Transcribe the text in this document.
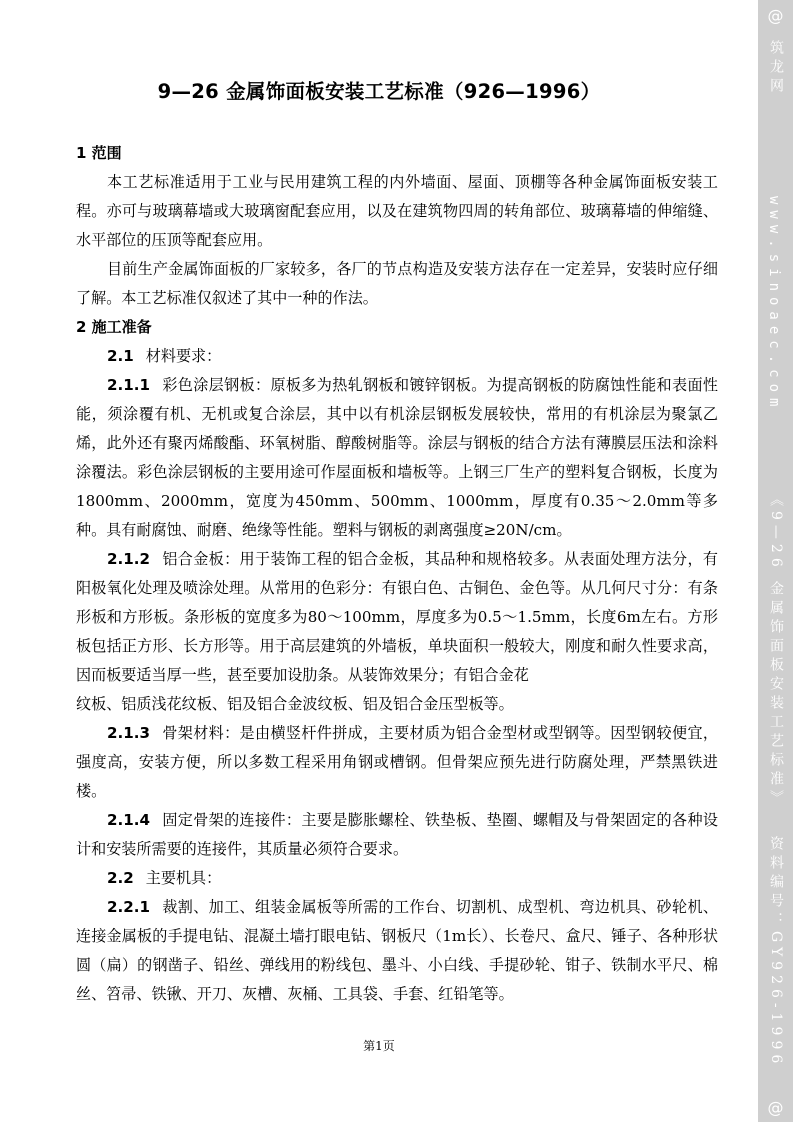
9—26 金属饰面板安装工艺标准（926—1996）

1 范围

本工艺标准适用于工业与民用建筑工程的内外墙面、屋面、顶棚等各种金属饰面板安装工程。亦可与玻璃幕墙或大玻璃窗配套应用，以及在建筑物四周的转角部位、玻璃幕墙的伸缩缝、水平部位的压顶等配套应用。

目前生产金属饰面板的厂家较多，各厂的节点构造及安装方法存在一定差异，安装时应仔细了解。本工艺标准仅叙述了其中一种的作法。

2 施工准备

2.1 材料要求：

2.1.1 彩色涂层钢板：原板多为热轧钢板和镀锌钢板。为提高钢板的防腐蚀性能和表面性能，须涂覆有机、无机或复合涂层，其中以有机涂层钢板发展较快，常用的有机涂层为聚氯乙烯，此外还有聚丙烯酸酯、环氧树脂、醇酸树脂等。涂层与钢板的结合方法有薄膜层压法和涂料涂覆法。彩色涂层钢板的主要用途可作屋面板和墙板等。上钢三厂生产的塑料复合钢板，长度为1800mm、2000mm，宽度为450mm、500mm、1000mm，厚度有0.35～2.0mm等多种。具有耐腐蚀、耐磨、绝缘等性能。塑料与钢板的剥离强度≥20N/cm。

2.1.2 铝合金板：用于装饰工程的铝合金板，其品种和规格较多。从表面处理方法分，有阳极氧化处理及喷涂处理。从常用的色彩分：有银白色、古铜色、金色等。从几何尺寸分：有条形板和方形板。条形板的宽度多为80～100mm，厚度多为0.5～1.5mm，长度6m左右。方形板包括正方形、长方形等。用于高层建筑的外墙板，单块面积一般较大，刚度和耐久性要求高，因而板要适当厚一些，甚至要加设肋条。从装饰效果分；有铝合金花

纹板、铝质浅花纹板、铝及铝合金波纹板、铝及铝合金压型板等。

2.1.3 骨架材料：是由横竖杆件拼成，主要材质为铝合金型材或型钢等。因型钢较便宜，强度高，安装方便，所以多数工程采用角钢或槽钢。但骨架应预先进行防腐处理，严禁黑铁进楼。

2.1.4 固定骨架的连接件：主要是膨胀螺栓、铁垫板、垫圈、螺帽及与骨架固定的各种设计和安装所需要的连接件，其质量必须符合要求。

2.2 主要机具：

2.2.1 裁割、加工、组装金属板等所需的工作台、切割机、成型机、弯边机具、砂轮机、连接金属板的手提电钻、混凝土墙打眼电钻、钢板尺（1m长）、长卷尺、盒尺、锤子、各种形状圆（扁）的钢凿子、铅丝、弹线用的粉线包、墨斗、小白线、手提砂轮、钳子、铁制水平尺、棉丝、笤帚、铁锹、开刀、灰槽、灰桶、工具袋、手套、红铅笔等。

第1页
@
筑龙网
www.sinoaec.com
《9—26 金属饰面板安装工艺标准》
资料编号：GY926-1996
@
